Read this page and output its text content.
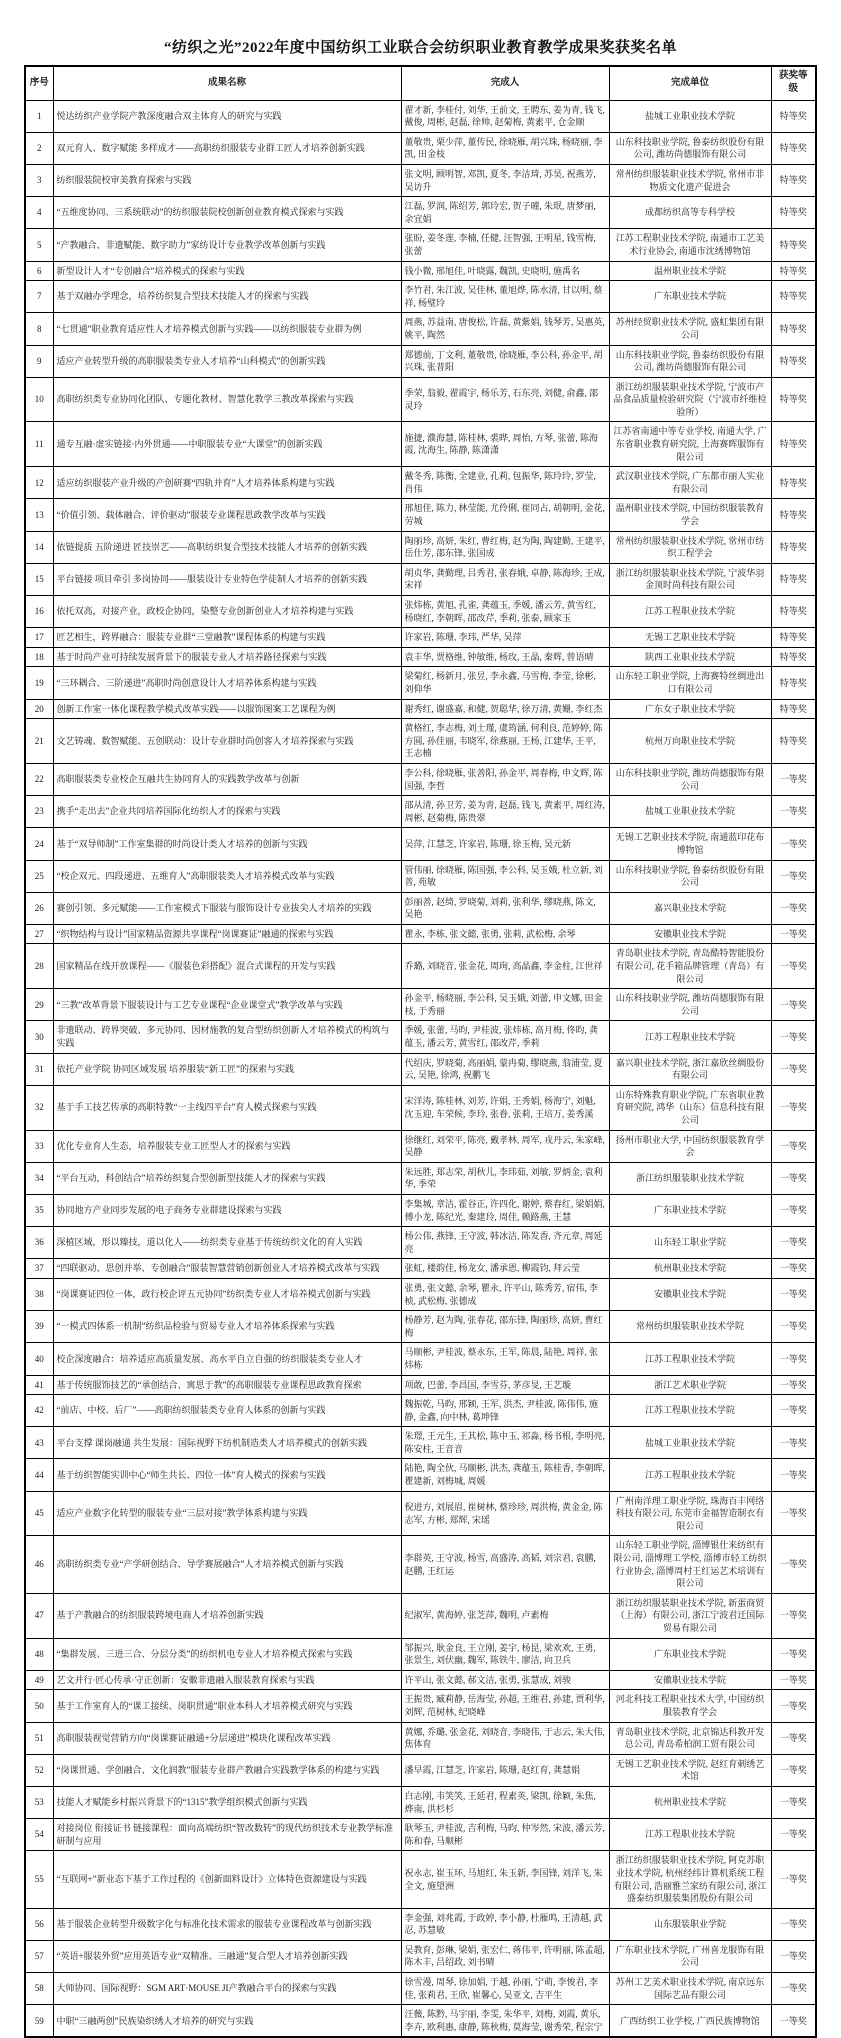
“纺织之光”2022年度中国纺织工业联合会纺织职业教育教学成果奖获奖名单
序号	成果名称	完成人	完成单位	获奖等级
1	悦达纺织产业学院产教深度融合双主体育人的研究与实践	翟才新, 李桂付, 刘华, 王前文, 王聘东, 姜为青, 钱飞, 戴俊, 周彬, 赵磊, 徐帅, 赵菊梅, 黄素平, 仓金顺	盐城工业职业技术学院	特等奖
2	双元育人、数字赋能 多样成才——高职纺织服装专业群工匠人才培养创新实践	董敬贵, 栗少萍, 董传民, 徐晓雁, 胡兴珠, 杨晓丽, 李凯, 田金枝	山东科技职业学院, 鲁泰纺织股份有限公司, 潍坊尚德服饰有限公司	特等奖
3	纺织服装院校审美教育探索与实践	张文明, 顾明智, 邓凯, 夏冬, 李洁琦, 苏昊, 祝燕芳, 吴访升	常州纺织服装职业技术学院, 常州市非物质文化遗产促进会	特等奖
4	“五维度协同、三系统联动”的纺织服装院校创新创业教育模式探索与实践	江磊, 罗润, 陈绍芳, 郭玲宏, 贺子曈, 朱珉, 唐梦丽, 余宜娟	成都纺织高等专科学校	特等奖
5	“产教融合、非遗赋能、数字助力”家纺设计专业教学改革创新与实践	张盼, 姜冬莲, 李楠, 任健, 汪智强, 王明星, 钱雪梅, 张蕾	江苏工程职业技术学院, 南通市工艺美术行业协会, 南通市沈绣博物馆	特等奖
6	新型设计人才“专创融合”培养模式的探索与实践	钱小微, 邢旭佳, 叶晓露, 魏凯, 史晓明, 施禹名	温州职业技术学院	特等奖
7	基于双融办学理念，培养纺织复合型技术技能人才的探索与实践	李竹君, 朱江波, 吴佳林, 董旭烨, 陈水清, 甘以明, 蔡祥, 杨璧玲	广东职业技术学院	特等奖
8	“七贯通”职业教育适应性人才培养模式创新与实践——以纺织服装专业群为例	周燕, 苏益南, 唐俊松, 许磊, 黄紫娟, 钱琴芳, 吴惠英, 姚平, 陶然	苏州经贸职业技术学院, 盛虹集团有限公司	特等奖
9	适应产业转型升级的高职服装类专业人才培养“山科模式”的创新实践	郑德前, 丁文利, 董敬贵, 徐晓雁, 李公科, 孙金平, 胡兴珠, 张普阳	山东科技职业学院, 鲁泰纺织股份有限公司, 潍坊尚德服饰有限公司	特等奖
10	高职纺织类专业协同化团队、专题化教材、智慧化教学三教改革探索与实践	季荣, 翁毅, 翟霞宇, 杨乐芳, 石东亮, 刘健, 俞鑫, 邵灵玲	浙江纺织服装职业技术学院, 宁波市产品食品质量检验研究院（宁波市纤维检验所）	特等奖
11	通专互融·虚实链接·内外贯通——中职服装专业“大课堂”的创新实践	施捷, 濮海慧, 陈桂林, 裘晔, 周怡, 方琴, 张蕾, 陈海霞, 沈海生, 陈静, 陈潇潇	江苏省南通中等专业学校, 南通大学, 广东省职业教育研究院, 上海赛晖服饰有限公司	特等奖
12	适应纺织服装产业升级的产创研赛“四轨并育”人才培养体系构建与实践	戴冬秀, 陈衡, 全建业, 孔莉, 包振华, 陈玲玲, 罗莹, 肖伟	武汉职业技术学院, 广东都市丽人实业有限公司	特等奖
13	“价值引领、载体融合、评价驱动”服装专业课程思政教学改革与实践	邢旭佳, 陈力, 林莹能, 尤伶俐, 崔同占, 胡朝明, 金花, 劳城	温州职业技术学院, 中国纺织服装教育学会	特等奖
14	依链提质 五阶递进 匠技崇艺——高职纺织复合型技术技能人才培养的创新实践	陶丽珍, 高妍, 朱红, 曹红梅, 赵为陶, 陶建勤, 王建平, 岳仕芳, 邵东锋, 张国成	常州纺织服装职业技术学院, 常州市纺织工程学会	特等奖
15	平台链接 项目牵引 多岗协同——服装设计专业特色学徒制人才培养的创新实践	胡贞华, 龚勤理, 吕秀君, 张春娥, 卓静, 陈海珍, 王成, 宋祥	浙江纺织服装职业技术学院, 宁波华羽金顶时尚科技有限公司	特等奖
16	依托双高，对接产业，政校企协同，染整专业创新创业人才培养构建与实践	张炜栋, 黄旭, 孔雀, 龚蕴玉, 季媛, 潘云芳, 黄雪红, 杨晓红, 李朝晖, 邵改芹, 季莉, 张泰, 顾家玉	江苏工程职业技术学院	特等奖
17	匠艺相生，跨界融合：服装专业群“三堂融教”课程体系的构建与实践	许家岩, 陈珊, 李玮, 严华, 吴萍	无锡工艺职业技术学院	特等奖
18	基于时尚产业可持续发展背景下的服装专业人才培养路径探索与实践	袁丰华, 贾格维, 钟敏维, 杨玫, 王晶, 秦辉, 曾语晴	陕西工业职业技术学院	特等奖
19	“三环耦合、三阶递进”高职时尚创意设计人才培养体系构建与实践	梁菊红, 杨新月, 张昱, 李永鑫, 马雪梅, 李莹, 徐彬, 刘仰华	山东轻工职业学院, 上海赛特丝绸进出口有限公司	特等奖
20	创新工作室一体化课程教学模式改革实践——以服饰图案工艺课程为例	谢秀红, 谢盛嘉, 和健, 贺聪华, 徐万清, 黄姗, 李红杰	广东女子职业技术学院	特等奖
21	文艺铸魂、数智赋能、五创联动：设计专业群时尚创客人才培养探索与实践	黄格红, 李志梅, 刘士瑾, 虞筠涵, 何利良, 范婷婷, 陈方圆, 孙佳丽, 韦晓军, 徐燕丽, 王杨, 江建华, 王平, 王志楠	杭州万向职业技术学院	特等奖
22	高职服装类专业校企互融共生协同育人的实践教学改革与创新	李公科, 徐晓雁, 张善阳, 孙金平, 周春梅, 申文辉, 陈国强, 李哲	山东科技职业学院, 潍坊尚德服饰有限公司	一等奖
23	携手“走出去”企业共同培养国际化纺织人才的探索与实践	邵从清, 孙卫芳, 姜为青, 赵磊, 钱飞, 黄素平, 周红涛, 周彬, 赵菊梅, 陈贵翠	盐城工业职业技术学院	一等奖
24	基于“双导师制”工作室集群的时尚设计类人才培养的创新与实践	吴萍, 江慧芝, 许家岩, 陈珊, 徐玉梅, 吴元新	无锡工艺职业技术学院, 南通蓝印花布博物馆	一等奖
25	“校企双元、四段递进、五维育人”高职服装类人才培养模式改革与实践	管伟丽, 徐晓雁, 陈国强, 李公科, 吴玉娥, 杜立新, 刘普, 苑敏	山东科技职业学院, 鲁泰纺织股份有限公司	一等奖
26	赛创引领、多元赋能——工作室模式下服装与服饰设计专业拔尖人才培养的实践	彭丽善, 赵绮, 罗晓菊, 刘莉, 张利华, 缪晓燕, 陈文, 吴艳	嘉兴职业技术学院	一等奖
27	“织物结构与设计”国家精品资源共享课程“岗课赛证”融通的探索与实践	瞿永, 李栋, 张文懿, 张勇, 张莉, 武松梅, 余琴	安徽职业技术学院	一等奖
28	国家精品在线开放课程——《服装色彩搭配》混合式课程的开发与实践	乔璐, 刘晓音, 张金花, 周珣, 高晶鑫, 李金柱, 江世祥	青岛职业技术学院, 青岛酷特智能股份有限公司, 花手箱品牌管理（青岛）有限公司	一等奖
29	“三教”改革背景下服装设计与工艺专业课程“企业课堂式”教学改革与实践	孙金平, 杨晓丽, 李公科, 吴玉娥, 刘蕾, 申文娜, 田金枝, 于秀丽	山东科技职业学院, 潍坊尚德服饰有限公司	一等奖
30	非遗联动、跨界突破、多元协同、因材施教的复合型纺织创新人才培养模式的构筑与实践	季媛, 张蕾, 马昀, 尹桂波, 张炜栋, 高月梅, 佟昀, 龚蕴玉, 潘云芳, 黄雪红, 邵改芹, 季莉	江苏工程职业技术学院	一等奖
31	依托产业学院 协同区域发展 培养服装“新工匠”的探索与实践	代绍庆, 罗晓菊, 高丽娟, 蒙冉菊, 缪晓燕, 翁浦莹, 夏云, 吴艳, 徐鸿, 祝鹏飞	嘉兴职业技术学院, 浙江嘉欣丝绸股份有限公司	一等奖
32	基于手工技艺传承的高职特教“一主线四平台”育人模式探索与实践	宋洋涛, 陈桂林, 刘芳, 许娟, 王秀娟, 杨海宁, 刘魁, 沈玉迎, 车荣候, 李玲, 张眷, 张莉, 王培万, 姜秀溪	山东特殊教育职业学院, 广东省职业教育研究院, 鸿华（山东）信息科技有限公司	一等奖
33	优化专业育人生态，培养服装专业工匠型人才的探索与实践	徐继红, 刘荣平, 陈亮, 戴孝林, 周军, 戎丹云, 朱家峰, 吴静	扬州市职业大学, 中国纺织服装教育学会	一等奖
34	“平台互动，科创结合”培养纺织复合型创新型技能人才的探索与实践	朱远胜, 郑志荣, 胡秋儿, 李玮茹, 刘敏, 罗炳金, 袁利华, 季荣	浙江纺织服装职业技术学院	一等奖
35	协同地方产业同步发展的电子商务专业群建设探索与实践	李集城, 章洁, 霍谷正, 许四化, 谢婷, 蔡春红, 梁娟娟, 傅小龙, 陈纪光, 秦建玲, 周佳, 赖路燕, 王慧	广东职业技术学院	一等奖
36	深植区域，形以臻技，道以化人——纺织类专业基于传统纺织文化的育人实践	杨公伟, 燕锋, 王守波, 韩冰洁, 陈发香, 齐元章, 周延亮	山东轻工职业学院	一等奖
37	“四联驱动、思创并举、专创融合”服装智慧营销创新创业人才培养模式改革与实践	张虹, 楼韵佳, 杨龙女, 潘承恩, 柳霞钧, 拜云莹	杭州职业技术学院	一等奖
38	“岗课赛证四位一体，政行校企评五元协同”纺织类专业人才培养模式创新与实践	张勇, 张文懿, 余琴, 瞿永, 许平山, 陈秀芳, 宿伟, 李桢, 武松梅, 张德成	安徽职业技术学院	一等奖
39	“一模式四体系一机制”纺织品检验与贸易专业人才培养体系探索与实践	杨静芳, 赵为陶, 张春花, 邵东锋, 陶丽珍, 高妍, 曹红梅	常州纺织服装职业技术学院	一等奖
40	校企深度融合：培养适应高质量发展、高水平自立自强的纺织服装类专业人才	马顺彬, 尹桂波, 蔡永东, 王军, 陈晨, 陆艳, 周祥, 张炜栋	江苏工程职业技术学院	一等奖
41	基于传统服饰技艺的“承创结合、寓思于教”的高职服装专业课程思政教育探索	项敢, 巴蕾, 李昌国, 李雪芬, 茅彦旻, 王艺璇	浙江艺术职业学院	一等奖
42	“前店、中校、后厂”——高职纺织服装类专业育人体系的创新与实践	魏振乾, 马昀, 邢颖, 王军, 洪杰, 尹桂波, 陈伟伟, 施静, 金鑫, 向中林, 葛坤锋	江苏工程职业技术学院	一等奖
43	平台支撑 课岗融通 共生发展：国际视野下纺机制造类人才培养模式的创新实践	朱璟, 王元生, 王其松, 陈中玉, 祁淼, 杨书根, 李明亮, 陈安柱, 王音音	盐城工业职业技术学院	一等奖
44	基于纺织智能实训中心“师生共长、四位一体”育人模式的探索与实践	陆艳, 陶全伙, 马顺彬, 洪杰, 龚蕴玉, 陈桂香, 李朝晖, 瞿建新, 刘梅城, 周媛	江苏工程职业技术学院	一等奖
45	适应产业数字化转型的服装专业“三层对接”教学体系构建与实践	倪进方, 刘展眉, 崔树林, 蔡珍珍, 周洪梅, 黄金金, 陈志军, 方彬, 郑辉, 宋瑶	广州南洋理工职业学院, 珠海百丰网络科技有限公司, 东莞市金福智造制衣有限公司	一等奖
46	高职纺织类专业“产学研创结合、导学赛展融合”人才培养模式创新与实践	李群英, 王守波, 杨雪, 高盛涛, 高韬, 刘宗君, 袁鹏, 赵鹏, 王红运	山东轻工职业学院, 淄博银仕来纺织有限公司, 淄博理工学校, 淄博市轻工纺织行业协会, 淄博周村王红运艺术培训有限公司	一等奖
47	基于产教融合的纺织服装跨境电商人才培养创新实践	纪淑军, 黄海婷, 张芝萍, 魏明, 卢素梅	浙江纺织服装职业技术学院, 新蛋商贸（上海）有限公司, 浙江宁波君迁国际贸易有限公司	一等奖
48	“集群发展、三进三合、分层分类”的纺织机电专业人才培养模式探索与实践	邹振兴, 耿金良, 王立刚, 姜宇, 杨昆, 梁欢欢, 王勇, 张景生, 刘伏幽, 魏军, 陈铁牛, 廖洁, 向卫兵	广东职业技术学院	一等奖
49	艺文并行·匠心传承·守正创新：安徽非遗融入服装教育探索与实践	许平山, 张文懿, 郝文洁, 张勇, 张慧成, 刘骏	安徽职业技术学院	一等奖
50	基于工作室育人的“课工接续、岗职贯通”职业本科人才培养模式研究与实践	王振贵, 臧莉静, 岳海莹, 孙超, 王维君, 孙建, 贾利华, 刘辉, 范树林, 纪晓峰	河北科技工程职业技术大学, 中国纺织服装教育学会	一等奖
51	高职服装视觉营销方向“岗课赛证融通+分层递进”模块化课程改革实践	黄娜, 乔璐, 张金花, 刘晓音, 李晓伟, 于志云, 朱大伟, 焦体育	青岛职业技术学院, 北京锦达科教开发总公司, 青岛希柏润工贸有限公司	一等奖
52	“岗课贯通、学创融合、文化润教”服装专业群产教融合实践教学体系的构建与实践	潘早霞, 江慧芝, 许家岩, 陈珊, 赵红育, 龚慧娟	无锡工艺职业技术学院, 赵红育刺绣艺术馆	一等奖
53	技能人才赋能乡村振兴背景下的“1315”教学组织模式创新与实践	白志刚, 韦笑笑, 王延君, 程素英, 梁凯, 徐颖, 朱焦, 烨南, 洪杉杉	杭州职业技术学院	一等奖
54	对接岗位 衔接证书 链接课程：面向高端纺织“智改数转”的现代纺织技术专业教学标准研制与应用	耿琴玉, 尹桂波, 吉利梅, 马昀, 仲岑然, 宋波, 潘云芳, 陈和春, 马顺彬	江苏工程职业技术学院	一等奖
55	“互联网+”新业态下基于工作过程的《创新面料设计》立体特色资源建设与实践	祝永志, 崔玉环, 马旭红, 朱玉新, 李国锋, 刘洋飞, 朱全文, 施望洲	浙江纺织服装职业技术学院, 阿克苏职业技术学院, 杭州经纬计算机系统工程有限公司, 浩丽雅兰家纺有限公司, 浙江盛泰纺织服装集团股份有限公司	一等奖
56	基于服装企业转型升级数字化与标准化技术需求的服装专业课程改革与创新实践	李金强, 刘兆霞, 于政婷, 李小静, 杜雁鸣, 王清越, 武忍, 苏慧敏	山东服装职业学院	一等奖
57	“英语+服装外贸”应用英语专业“双精准、三融通”复合型人才培养创新实践	吴教育, 彭琳, 梁娟, 张宏仁, 蒋伟平, 许明丽, 陈孟超, 陈木丰, 吕绍政, 刘书晴	广东职业技术学院, 广州喜龙服饰有限公司	一等奖
58	大师协同、国际视野：SGM ART·MOUSE JI产教融合平台的探索与实践	徐雪漫, 周琴, 徐加娟, 于越, 孙丽, 宁萌, 李悛君, 李佳, 张莉君, 王欣, 崔馨心, 吴亚文, 吉平生	苏州工艺美术职业技术学院, 南京远东国际艺品有限公司	一等奖
59	中职“三融两创”民族染织绣人才培养的研究与实践	汪薇, 陈黔, 马宇丽, 李雯, 朱华平, 刘梅, 刘霞, 黄乐, 李卉, 欧利惠, 康静, 陈秋梅, 莫海莹, 谢秀荣, 程宗宁	广西纺织工业学校, 广西民族博物馆	一等奖
